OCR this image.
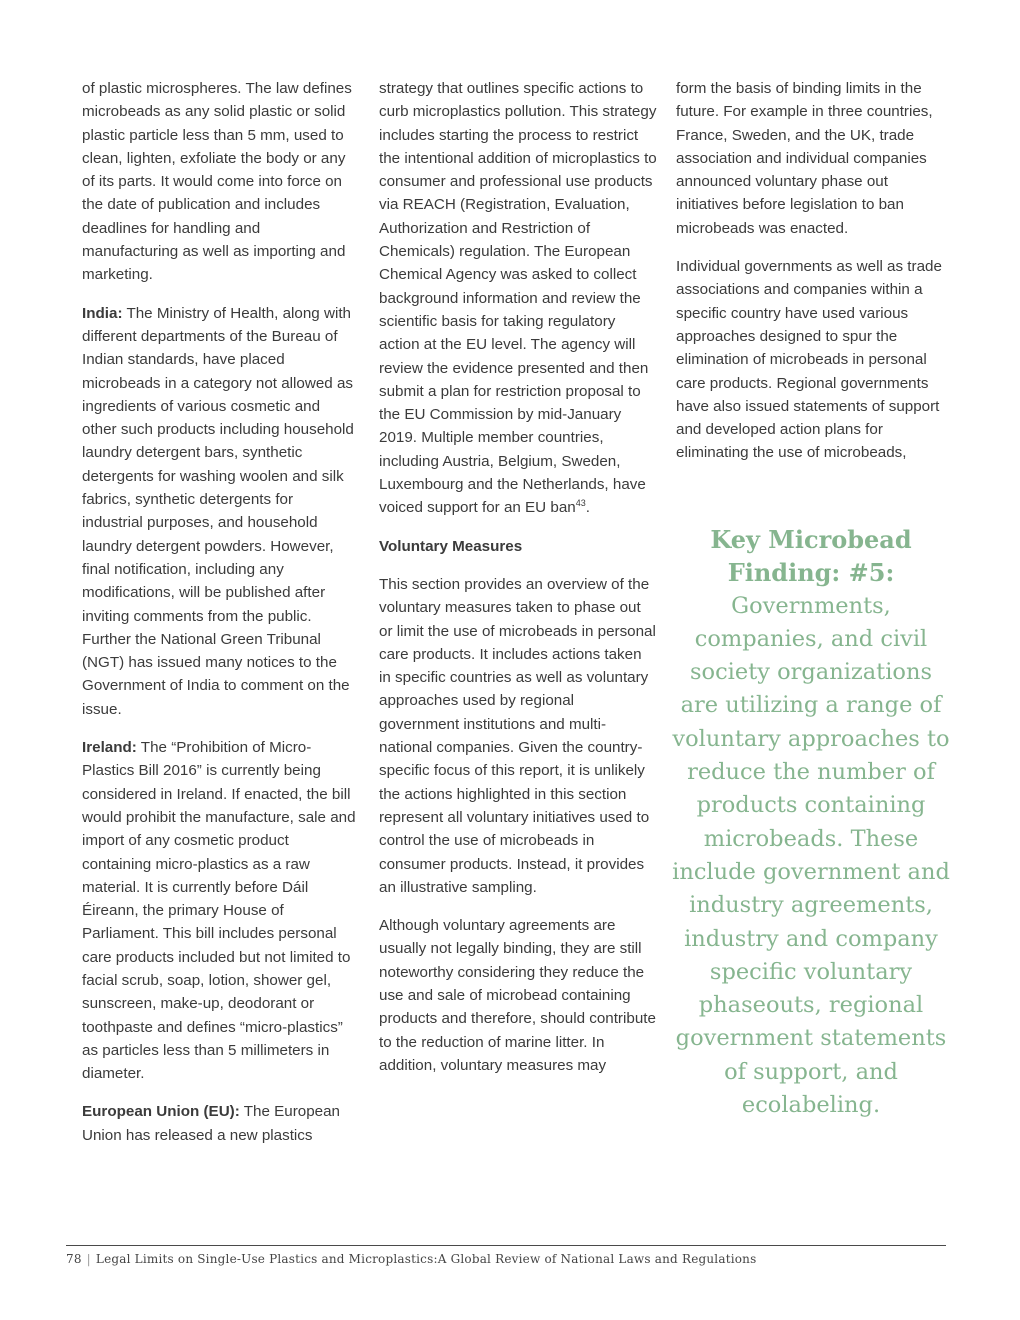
of plastic microspheres. The law defines microbeads as any solid plastic or solid plastic particle less than 5 mm, used to clean, lighten, exfoliate the body or any of its parts. It would come into force on the date of publication and includes deadlines for handling and manufacturing as well as importing and marketing.

India: The Ministry of Health, along with different departments of the Bureau of Indian standards, have placed microbeads in a category not allowed as ingredients of various cosmetic and other such products including household laundry detergent bars, synthetic detergents for washing woolen and silk fabrics, synthetic detergents for industrial purposes, and household laundry detergent powders. However, final notification, including any modifications, will be published after inviting comments from the public. Further the National Green Tribunal (NGT) has issued many notices to the Government of India to comment on the issue.

Ireland: The “Prohibition of Micro-Plastics Bill 2016” is currently being considered in Ireland. If enacted, the bill would prohibit the manufacture, sale and import of any cosmetic product containing micro-plastics as a raw material. It is currently before Dáil Éireann, the primary House of Parliament. This bill includes personal care products included but not limited to facial scrub, soap, lotion, shower gel, sunscreen, make-up, deodorant or toothpaste and defines “micro-plastics” as particles less than 5 millimeters in diameter.

European Union (EU): The European Union has released a new plastics

strategy that outlines specific actions to curb microplastics pollution. This strategy includes starting the process to restrict the intentional addition of microplastics to consumer and professional use products via REACH (Registration, Evaluation, Authorization and Restriction of Chemicals) regulation. The European Chemical Agency was asked to collect background information and review the scientific basis for taking regulatory action at the EU level. The agency will review the evidence presented and then submit a plan for restriction proposal to the EU Commission by mid-January 2019. Multiple member countries, including Austria, Belgium, Sweden, Luxembourg and the Netherlands, have voiced support for an EU ban$^{43}$.

Voluntary Measures

This section provides an overview of the voluntary measures taken to phase out or limit the use of microbeads in personal care products. It includes actions taken in specific countries as well as voluntary approaches used by regional government institutions and multi-national companies. Given the country-specific focus of this report, it is unlikely the actions highlighted in this section represent all voluntary initiatives used to control the use of microbeads in consumer products. Instead, it provides an illustrative sampling.

Although voluntary agreements are usually not legally binding, they are still noteworthy considering they reduce the use and sale of microbead containing products and therefore, should contribute to the reduction of marine litter. In addition, voluntary measures may

form the basis of binding limits in the future. For example in three countries, France, Sweden, and the UK, trade association and individual companies announced voluntary phase out initiatives before legislation to ban microbeads was enacted.

Individual governments as well as trade associations and companies within a specific country have used various approaches designed to spur the elimination of microbeads in personal care products. Regional governments have also issued statements of support and developed action plans for eliminating the use of microbeads,

Key Microbead Finding: #5:

Governments, companies, and civil society organizations are utilizing a range of voluntary approaches to reduce the number of products containing microbeads. These include government and industry agreements, industry and company specific voluntary phaseouts, regional government statements of support, and ecolabeling.

78 | Legal Limits on Single-Use Plastics and Microplastics:A Global Review of National Laws and Regulations
